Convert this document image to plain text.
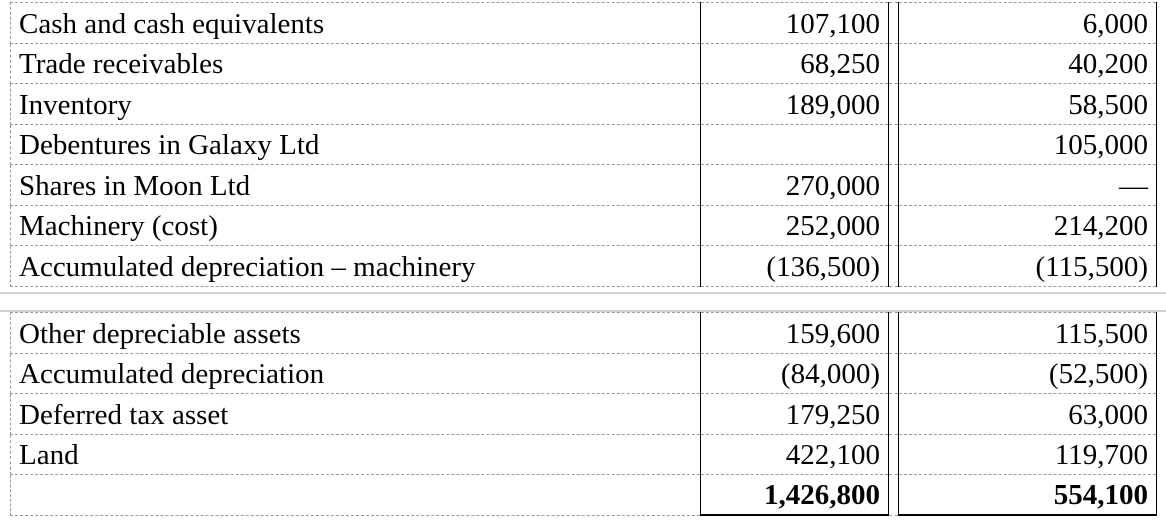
Cash and cash equivalents	107,100		6,000
Trade receivables	68,250		40,200
Inventory	189,000		58,500
Debentures in Galaxy Ltd			105,000
Shares in Moon Ltd	270,000		—
Machinery (cost)	252,000		214,200
Accumulated depreciation – machinery	(136,500)		(115,500)
Other depreciable assets	159,600		115,500
Accumulated depreciation	(84,000)		(52,500)
Deferred tax asset	179,250		63,000
Land	422,100		119,700
	1,426,800		554,100
